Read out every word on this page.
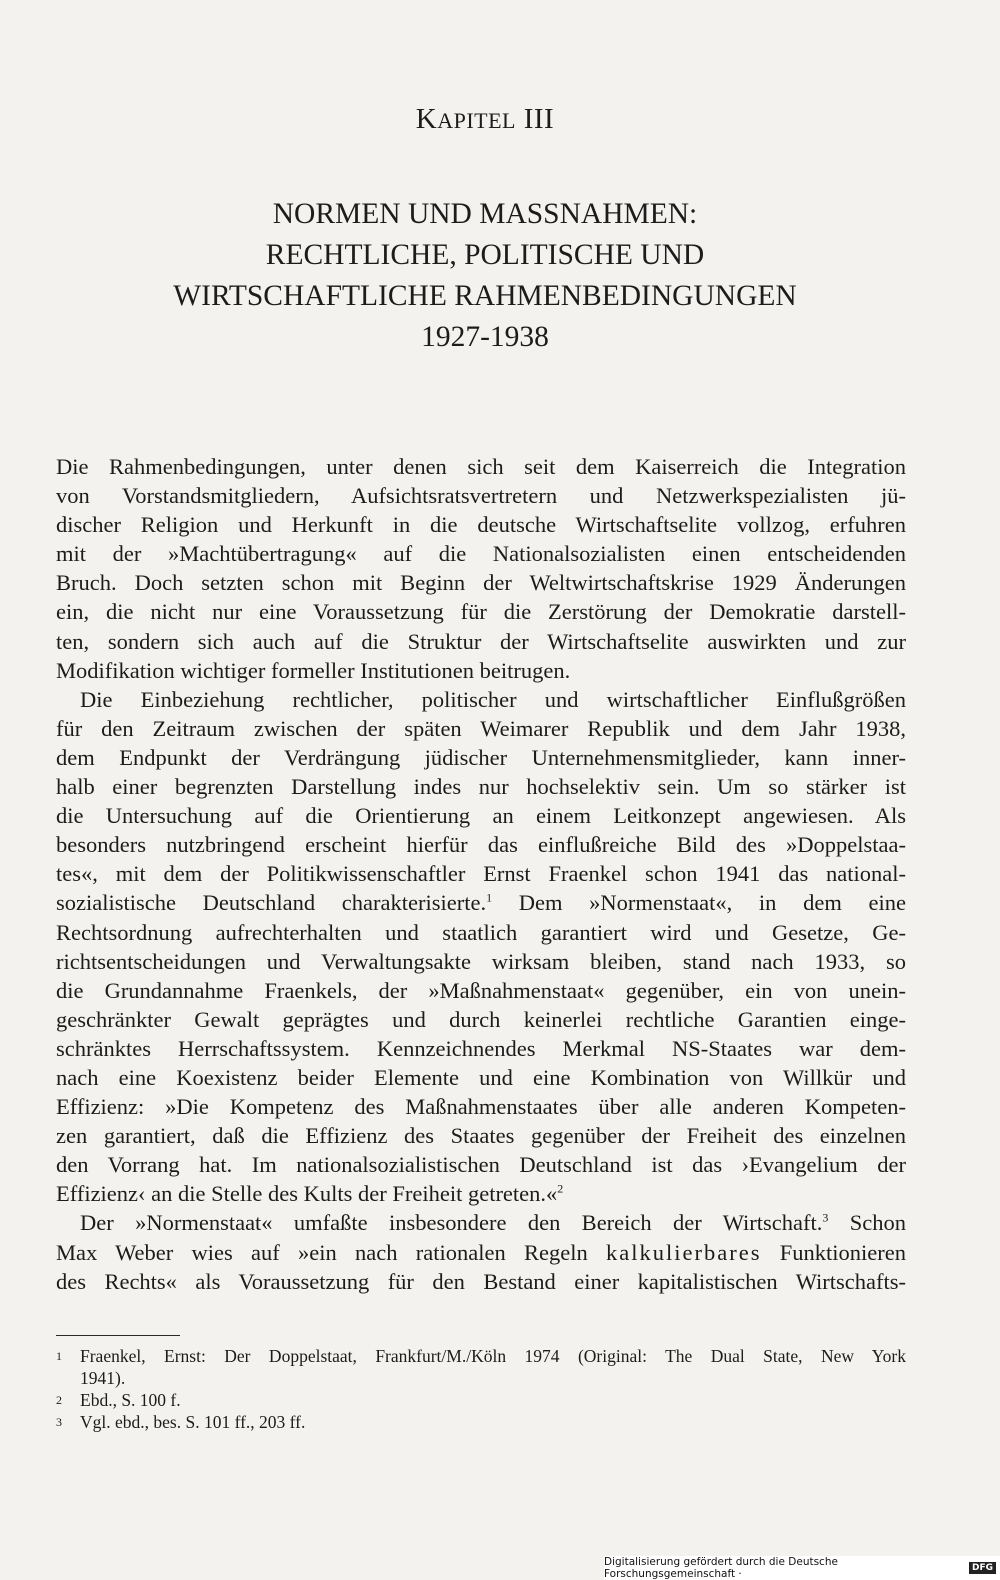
KAPITEL III
NORMEN UND MASSNAHMEN:
RECHTLICHE, POLITISCHE UND
WIRTSCHAFTLICHE RAHMENBEDINGUNGEN
1927-1938
Die Rahmenbedingungen, unter denen sich seit dem Kaiserreich die Integration
von Vorstandsmitgliedern, Aufsichtsratsvertretern und Netzwerkspezialisten jü-
discher Religion und Herkunft in die deutsche Wirtschaftselite vollzog, erfuhren
mit der »Machtübertragung« auf die Nationalsozialisten einen entscheidenden
Bruch. Doch setzten schon mit Beginn der Weltwirtschaftskrise 1929 Änderungen
ein, die nicht nur eine Voraussetzung für die Zerstörung der Demokratie darstell-
ten, sondern sich auch auf die Struktur der Wirtschaftselite auswirkten und zur
Modifikation wichtiger formeller Institutionen beitrugen.
Die Einbeziehung rechtlicher, politischer und wirtschaftlicher Einflußgrößen
für den Zeitraum zwischen der späten Weimarer Republik und dem Jahr 1938,
dem Endpunkt der Verdrängung jüdischer Unternehmensmitglieder, kann inner-
halb einer begrenzten Darstellung indes nur hochselektiv sein. Um so stärker ist
die Untersuchung auf die Orientierung an einem Leitkonzept angewiesen. Als
besonders nutzbringend erscheint hierfür das einflußreiche Bild des »Doppelstaa-
tes«, mit dem der Politikwissenschaftler Ernst Fraenkel schon 1941 das national-
sozialistische Deutschland charakterisierte.$^1$ Dem »Normenstaat«, in dem eine
Rechtsordnung aufrechterhalten und staatlich garantiert wird und Gesetze, Ge-
richtsentscheidungen und Verwaltungsakte wirksam bleiben, stand nach 1933, so
die Grundannahme Fraenkels, der »Maßnahmenstaat« gegenüber, ein von unein-
geschränkter Gewalt geprägtes und durch keinerlei rechtliche Garantien einge-
schränktes Herrschaftssystem. Kennzeichnendes Merkmal NS-Staates war dem-
nach eine Koexistenz beider Elemente und eine Kombination von Willkür und
Effizienz: »Die Kompetenz des Maßnahmenstaates über alle anderen Kompeten-
zen garantiert, daß die Effizienz des Staates gegenüber der Freiheit des einzelnen
den Vorrang hat. Im nationalsozialistischen Deutschland ist das ›Evangelium der
Effizienz‹ an die Stelle des Kults der Freiheit getreten.«$^2$
Der »Normenstaat« umfaßte insbesondere den Bereich der Wirtschaft.$^3$ Schon
Max Weber wies auf »ein nach rationalen Regeln kalkulierbares Funktionieren
des Rechts« als Voraussetzung für den Bestand einer kapitalistischen Wirtschafts-
1 Fraenkel, Ernst: Der Doppelstaat, Frankfurt/M./Köln 1974 (Original: The Dual State, New York
1941).
2 Ebd., S. 100 f.
3 Vgl. ebd., bes. S. 101 ff., 203 ff.
Digitalisierung gefördert durch die Deutsche Forschungsgemeinschaft ·	DFG
